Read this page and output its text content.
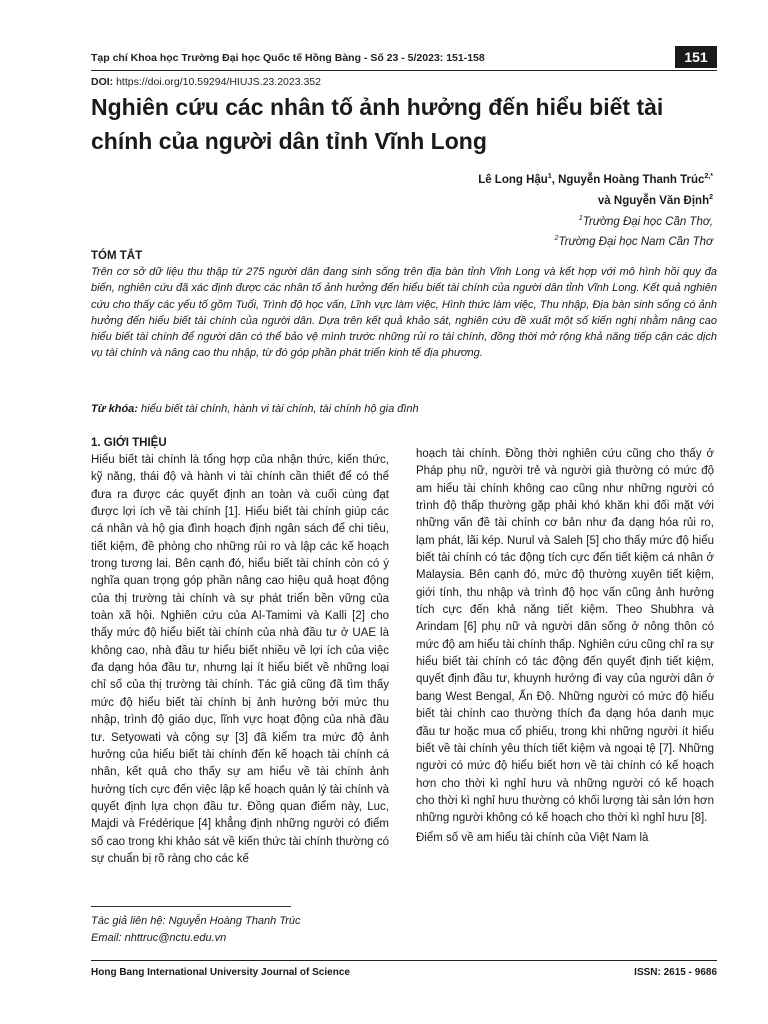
Tạp chí Khoa học Trường Đại học Quốc tế Hồng Bàng - Số 23 - 5/2023: 151-158	151
DOI: https://doi.org/10.59294/HIUJS.23.2023.352
Nghiên cứu các nhân tố ảnh hưởng đến hiểu biết tài chính của người dân tỉnh Vĩnh Long
Lê Long Hậu$^1$, Nguyễn Hoàng Thanh Trúc$^{2,*}$
và Nguyễn Văn Định$^2$
$^1$Trường Đại học Cần Thơ,
$^2$Trường Đại học Nam Cần Thơ
TÓM TẮT

Trên cơ sở dữ liệu thu thập từ 275 người dân đang sinh sống trên địa bàn tỉnh Vĩnh Long và kết hợp với mô hình hồi quy đa biến, nghiên cứu đã xác định được các nhân tố ảnh hưởng đến hiểu biết tài chính của người dân tỉnh Vĩnh Long. Kết quả nghiên cứu cho thấy các yếu tố gồm Tuổi, Trình độ học vấn, Lĩnh vực làm việc, Hình thức làm việc, Thu nhập, Địa bàn sinh sống có ảnh hưởng đến hiểu biết tài chính của người dân. Dựa trên kết quả khảo sát, nghiên cứu đề xuất một số kiến nghị nhằm nâng cao hiểu biết tài chính để người dân có thể bảo vệ mình trước những rủi ro tài chính, đồng thời mở rộng khả năng tiếp cận các dịch vụ tài chính và nâng cao thu nhập, từ đó góp phần phát triển kinh tế địa phương.

Từ khóa: hiểu biết tài chính, hành vi tài chính, tài chính hộ gia đình

1. GIỚI THIỆU

Hiểu biết tài chính là tổng hợp của nhận thức, kiến thức, kỹ năng, thái độ và hành vi tài chính cần thiết để có thể đưa ra được các quyết định an toàn và cuối cùng đạt được lợi ích về tài chính [1]. Hiểu biết tài chính giúp các cá nhân và hộ gia đình hoạch định ngân sách để chi tiêu, tiết kiệm, đề phòng cho những rủi ro và lập các kế hoạch trong tương lai. Bên cạnh đó, hiểu biết tài chính còn có ý nghĩa quan trọng góp phần nâng cao hiệu quả hoạt động của thị trường tài chính và sự phát triển bền vững của toàn xã hội. Nghiên cứu của Al-Tamimi và Kalli [2] cho thấy mức độ hiểu biết tài chính của nhà đầu tư ở UAE là không cao, nhà đầu tư hiểu biết nhiều về lợi ích của việc đa dạng hóa đầu tư, nhưng lại ít hiểu biết về những loại chỉ số của thị trường tài chính. Tác giả cũng đã tìm thấy mức độ hiểu biết tài chính bị ảnh hưởng bởi mức thu nhập, trình độ giáo dục, lĩnh vực hoạt động của nhà đầu tư. Setyowati và cộng sự [3] đã kiểm tra mức độ ảnh hưởng của hiểu biết tài chính đến kế hoạch tài chính cá nhân, kết quả cho thấy sự am hiểu về tài chính ảnh hưởng tích cực đến việc lập kế hoạch quản lý tài chính và quyết định lựa chọn đầu tư. Đồng quan điểm này, Luc, Majdi và Frédérique [4] khẳng định những người có điểm số cao trong khi khảo sát về kiến thức tài chính thường có sự chuẩn bị rõ ràng cho các kế

hoạch tài chính. Đồng thời nghiên cứu cũng cho thấy ở Pháp phụ nữ, người trẻ và người già thường có mức độ am hiểu tài chính không cao cũng như những người có trình độ thấp thường gặp phải khó khăn khi đối mặt với những vấn đề tài chính cơ bản như đa dạng hóa rủi ro, lạm phát, lãi kép. Nurul và Saleh [5] cho thấy mức độ hiểu biết tài chính có tác động tích cực đến tiết kiệm cá nhân ở Malaysia. Bên cạnh đó, mức độ thường xuyên tiết kiệm, giới tính, thu nhập và trình độ học vấn cũng ảnh hưởng tích cực đến khả năng tiết kiệm. Theo Shubhra và Arindam [6] phụ nữ và người dân sống ở nông thôn có mức độ am hiểu tài chính thấp. Nghiên cứu cũng chỉ ra sự hiểu biết tài chính có tác động đến quyết định tiết kiệm, quyết định đầu tư, khuynh hướng đi vay của người dân ở bang West Bengal, Ấn Độ. Những người có mức độ hiểu biết tài chính cao thường thích đa dạng hóa danh mục đầu tư hoặc mua cổ phiếu, trong khi những người ít hiểu biết về tài chính yêu thích tiết kiệm và ngoại tệ [7]. Những người có mức độ hiểu biết hơn về tài chính có kế hoạch hơn cho thời kì nghỉ hưu và những người có kế hoạch cho thời kì nghỉ hưu thường có khối lượng tài sản lớn hơn những người không có kế hoạch cho thời kì nghỉ hưu [8].

Điểm số về am hiểu tài chính của Việt Nam là

Tác giả liên hệ: Nguyễn Hoàng Thanh Trúc
Email: nhttruc@nctu.edu.vn
Hong Bang International University Journal of Science	ISSN: 2615 - 9686
